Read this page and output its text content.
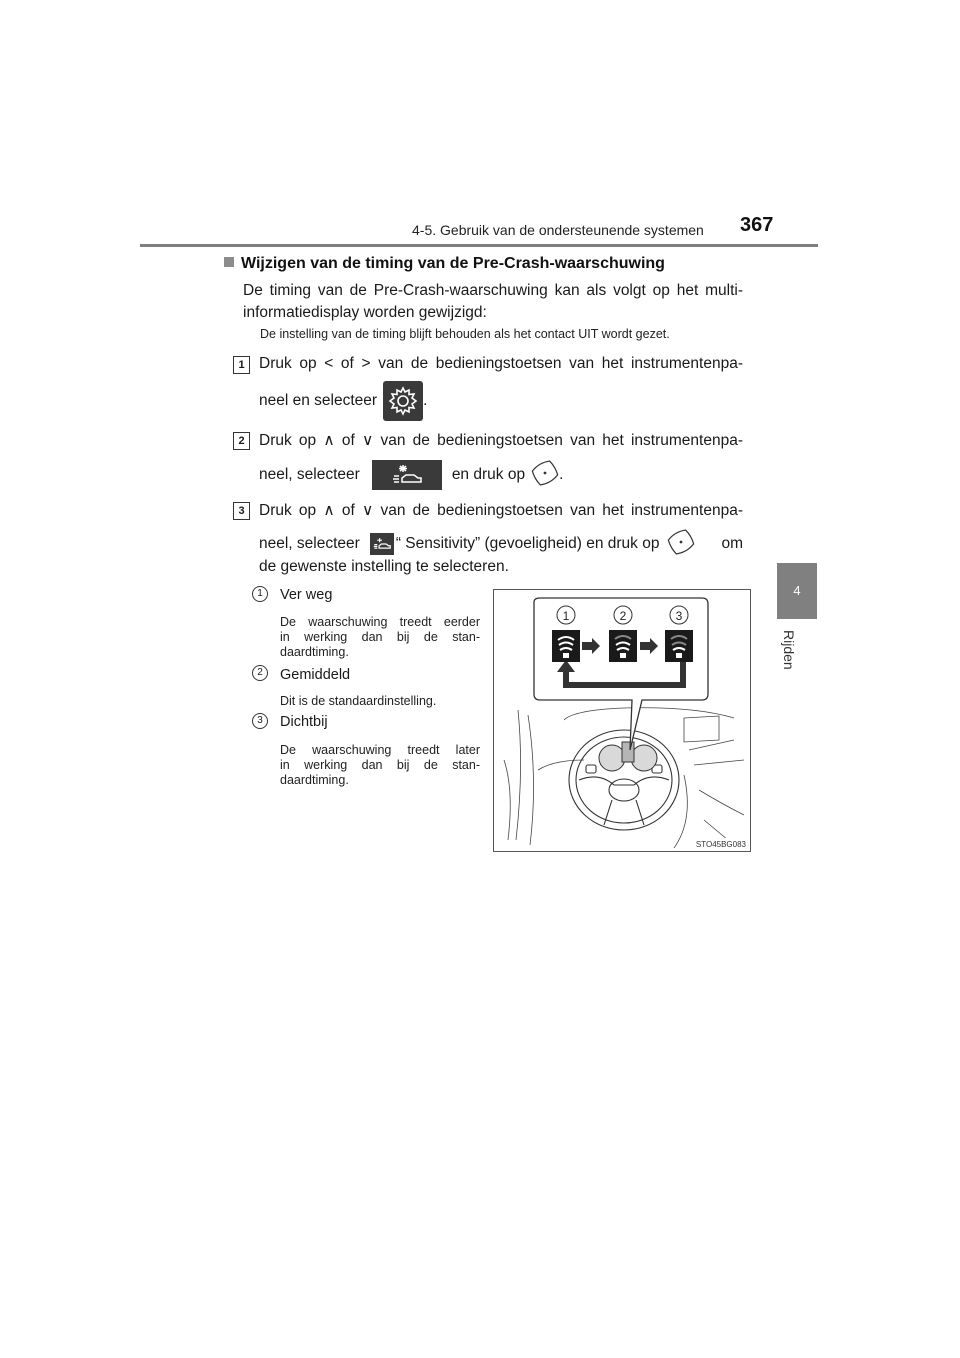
4-5. Gebruik van de ondersteunende systemen 367
4
Rijden
Wijzigen van de timing van de Pre-Crash-waarschuwing
De timing van de Pre-Crash-waarschuwing kan als volgt op het multi-informatiedisplay worden gewijzigd:
De instelling van de timing blijft behouden als het contact UIT wordt gezet.
1 Druk op < of > van de bedieningstoetsen van het instrumentenpa-
neel en selecteer	.
2 Druk op ∧ of ∨ van de bedieningstoetsen van het instrumentenpa-
neel, selecteer	en druk op .
3 Druk op ∧ of ∨ van de bedieningstoetsen van het instrumentenpa-
neel, selecteer “ Sensitivity” (gevoeligheid) en druk op	om
de gewenste instelling te selecteren.
1	Ver weg
De waarschuwing treedt eerder
in werking dan bij de stan-
daardtiming.
2	Gemiddeld
Dit is de standaardinstelling.
3	Dichtbij
De waarschuwing treedt later
in werking dan bij de stan-
daardtiming.
1	2	3
STO45BG083
